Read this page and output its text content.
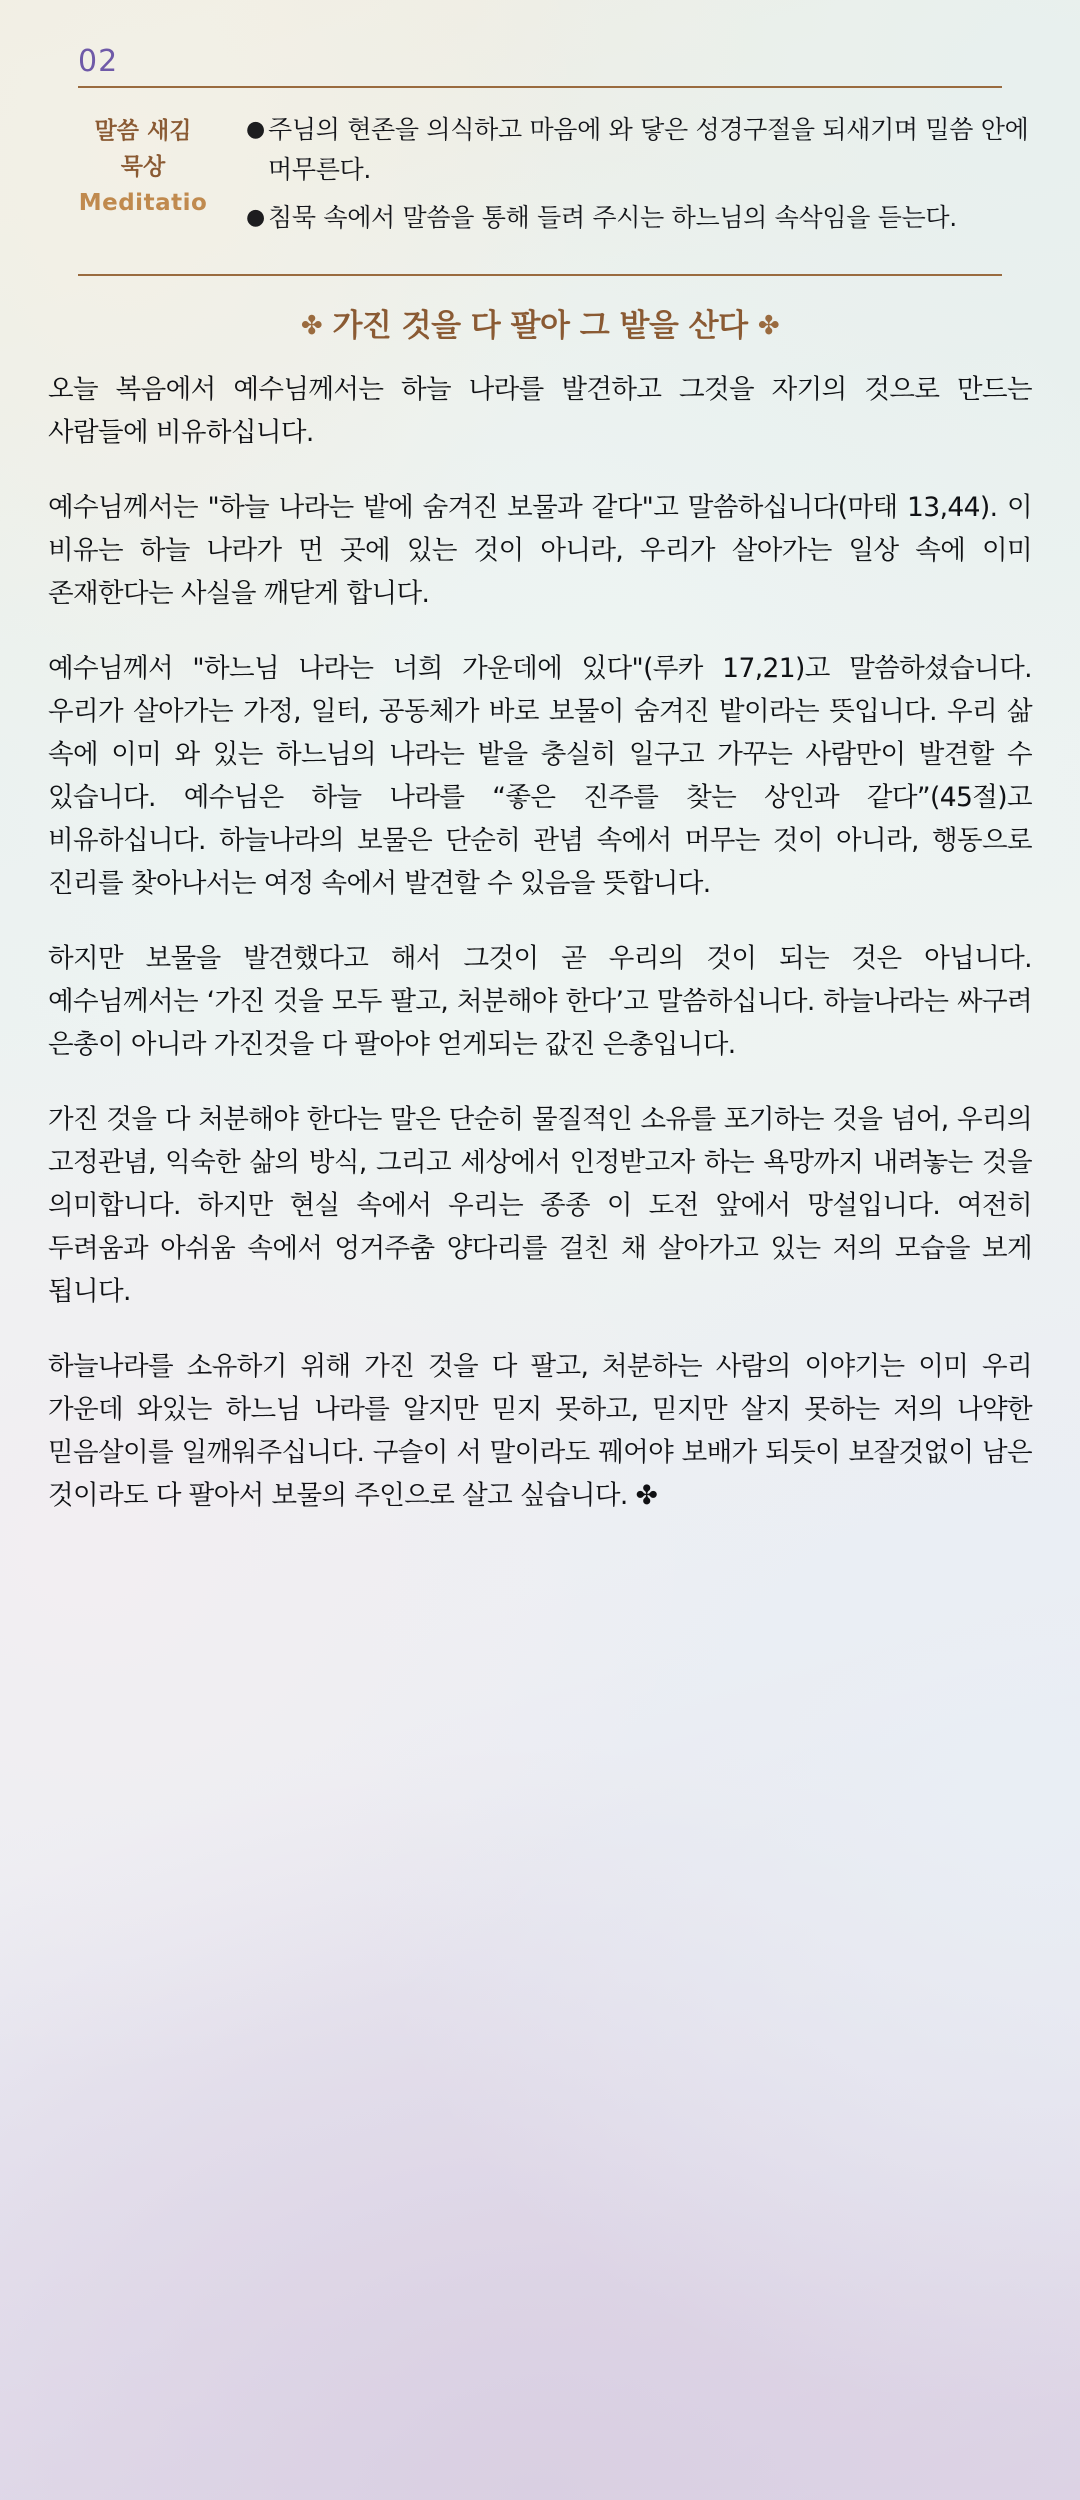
02
말씀 새김
묵상
Meditatio
● 주님의 현존을 의식하고 마음에 와 닿은 성경구절을 되새기며 밀씀 안에 머무른다.

● 침묵 속에서 말씀을 통해 들려 주시는 하느님의 속삭임을 듣는다.

✤ 가진 것을 다 팔아 그 밭을 산다 ✤

오늘 복음에서 예수님께서는 하늘 나라를 발견하고 그것을 자기의 것으로 만드는 사람들에 비유하십니다.

예수님께서는 "하늘 나라는 밭에 숨겨진 보물과 같다"고 말씀하십니다(마태 13,44). 이 비유는 하늘 나라가 먼 곳에 있는 것이 아니라, 우리가 살아가는 일상 속에 이미 존재한다는 사실을 깨닫게 합니다.

예수님께서 "하느님 나라는 너희 가운데에 있다"(루카 17,21)고 말씀하셨습니다. 우리가 살아가는 가정, 일터, 공동체가 바로 보물이 숨겨진 밭이라는 뜻입니다. 우리 삶 속에 이미 와 있는 하느님의 나라는 밭을 충실히 일구고 가꾸는 사람만이 발견할 수 있습니다. 예수님은 하늘 나라를 “좋은 진주를 찾는 상인과 같다”(45절)고 비유하십니다. 하늘나라의 보물은 단순히 관념 속에서 머무는 것이 아니라, 행동으로 진리를 찾아나서는 여정 속에서 발견할 수 있음을 뜻합니다.

하지만 보물을 발견했다고 해서 그것이 곧 우리의 것이 되는 것은 아닙니다. 예수님께서는 ‘가진 것을 모두 팔고, 처분해야 한다’고 말씀하십니다. 하늘나라는 싸구려 은총이 아니라 가진것을 다 팔아야 얻게되는 값진 은총입니다.

가진 것을 다 처분해야 한다는 말은 단순히 물질적인 소유를 포기하는 것을 넘어, 우리의 고정관념, 익숙한 삶의 방식, 그리고 세상에서 인정받고자 하는 욕망까지 내려놓는 것을 의미합니다. 하지만 현실 속에서 우리는 종종 이 도전 앞에서 망설입니다. 여전히 두려움과 아쉬움 속에서 엉거주춤 양다리를 걸친 채 살아가고 있는 저의 모습을 보게 됩니다.

하늘나라를 소유하기 위해 가진 것을 다 팔고, 처분하는 사람의 이야기는 이미 우리 가운데 와있는 하느님 나라를 알지만 믿지 못하고, 믿지만 살지 못하는 저의 나약한 믿음살이를 일깨워주십니다. 구슬이 서 말이라도 꿰어야 보배가 되듯이 보잘것없이 남은 것이라도 다 팔아서 보물의 주인으로 살고 싶습니다. ✤
